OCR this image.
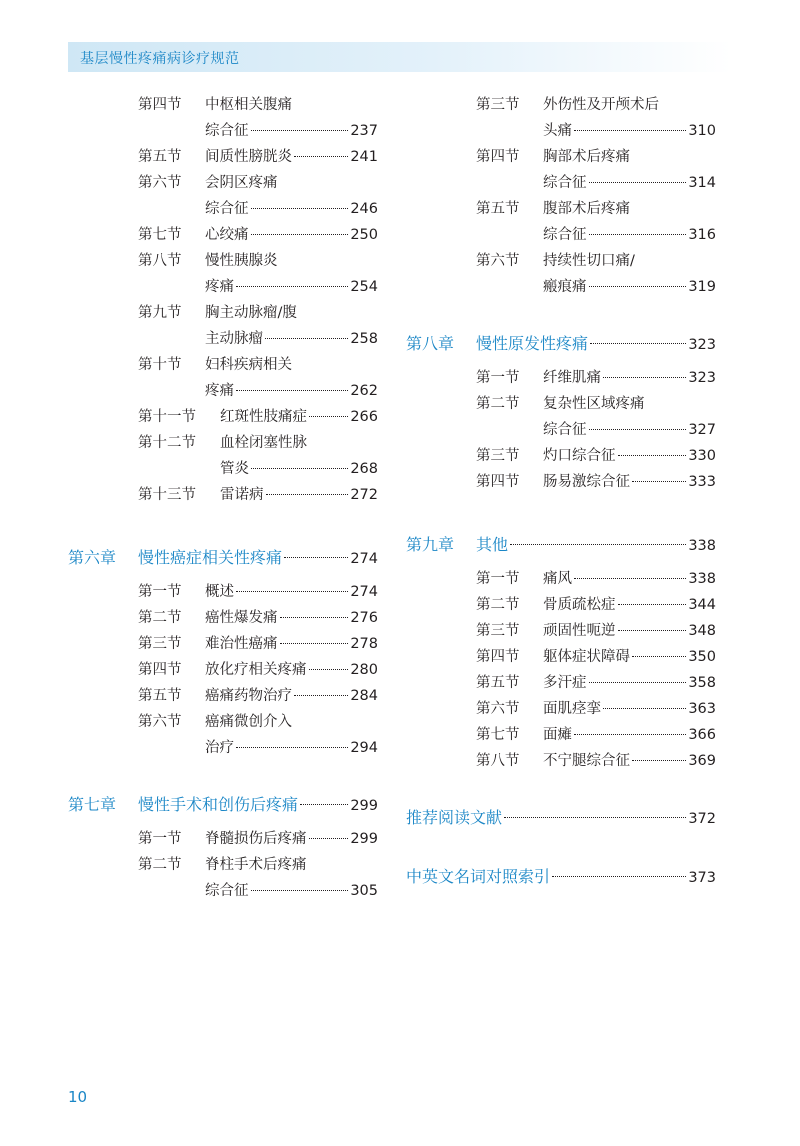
基层慢性疼痛病诊疗规范
第四节 中枢相关腹痛
综合征	237
第五节 间质性膀胱炎	241
第六节 会阴区疼痛
综合征	246
第七节 心绞痛	250
第八节 慢性胰腺炎
疼痛	254
第九节 胸主动脉瘤/腹
主动脉瘤	258
第十节 妇科疾病相关
疼痛	262
第十一节 红斑性肢痛症	266
第十二节 血栓闭塞性脉
管炎	268
第十三节 雷诺病	272
第六章	慢性癌症相关性疼痛	274
第一节 概述	274
第二节 癌性爆发痛	276
第三节 难治性癌痛	278
第四节 放化疗相关疼痛	280
第五节 癌痛药物治疗	284
第六节 癌痛微创介入
治疗	294
第七章	慢性手术和创伤后疼痛	299
第一节 脊髓损伤后疼痛	299
第二节 脊柱手术后疼痛
综合征	305
第三节 外伤性及开颅术后
头痛	310
第四节 胸部术后疼痛
综合征	314
第五节 腹部术后疼痛
综合征	316
第六节 持续性切口痛/
瘢痕痛	319
第八章	慢性原发性疼痛	323
第一节 纤维肌痛	323
第二节 复杂性区域疼痛
综合征	327
第三节 灼口综合征	330
第四节 肠易激综合征	333
第九章	其他	338
第一节 痛风	338
第二节 骨质疏松症	344
第三节 顽固性呃逆	348
第四节 躯体症状障碍	350
第五节 多汗症	358
第六节 面肌痉挛	363
第七节 面瘫	366
第八节 不宁腿综合征	369
推荐阅读文献	372
中英文名词对照索引	373
10
